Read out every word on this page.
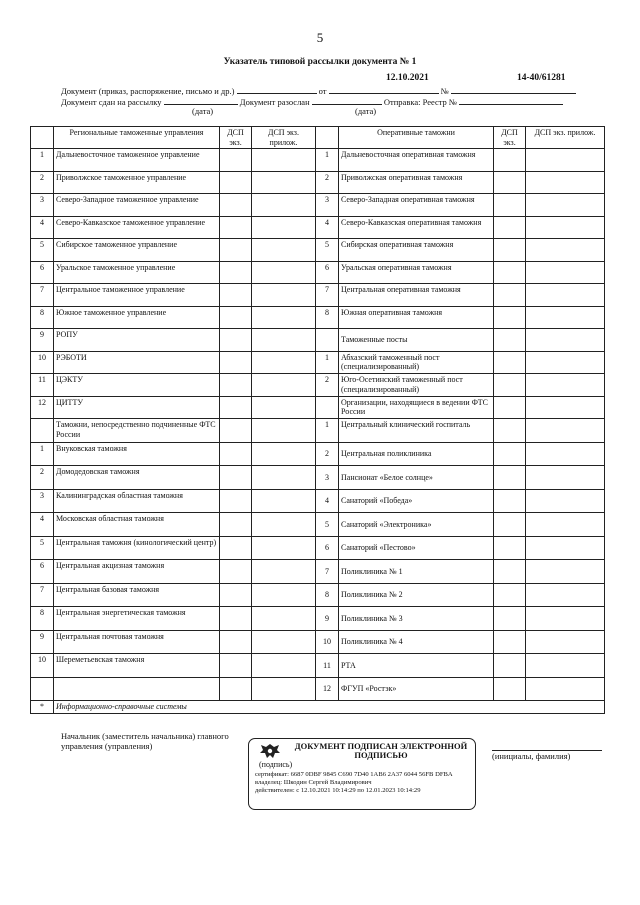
5
Указатель типовой рассылки документа № 1
12.10.2021	14-40/61281
Документ (приказ, распоряжение, письмо и др.)	от	№
Документ сдан на рассылку	Документ разослан	Отправка: Реестр №
(дата)	(дата)
	Региональные таможенные управления	ДСП экз.	ДСП экз. прилож.		Оперативные таможни	ДСП экз.	ДСП экз. прилож.
1	Дальневосточное таможенное управление			1	Дальневосточная оперативная таможня		
2	Приволжское таможенное управление			2	Приволжская оперативная таможня		
3	Северо-Западное таможенное управление			3	Северо-Западная оперативная таможня		
4	Северо-Кавказское таможенное управление			4	Северо-Кавказская оперативная таможня		
5	Сибирское таможенное управление			5	Сибирская оперативная таможня		
6	Уральское таможенное управление			6	Уральская оперативная таможня		
7	Центральное таможенное управление			7	Центральная оперативная таможня		
8	Южное таможенное управление			8	Южная оперативная таможня		
9	РОПУ				Таможенные посты		
10	РЭБОТИ			1	Абхазский таможенный пост (специализированный)		
11	ЦЭКТУ			2	Юго-Осетинский таможенный пост (специализированный)		
12	ЦИТТУ				Организации, находящиеся в ведении ФТС России		
	Таможни, непосредственно подчиненные ФТС России			1	Центральный клинический госпиталь		
1	Внуковская таможня			2	Центральная поликлиника		
2	Домодедовская таможня			3	Пансионат «Белое солнце»		
3	Калининградская областная таможня			4	Санаторий «Победа»		
4	Московская областная таможня			5	Санаторий «Электроника»		
5	Центральная таможня (кинологический центр)			6	Санаторий «Пестово»		
6	Центральная акцизная таможня			7	Поликлиника № 1		
7	Центральная базовая таможня			8	Поликлиника № 2		
8	Центральная энергетическая таможня			9	Поликлиника № 3		
9	Центральная почтовая таможня			10	Поликлиника № 4		
10	Шереметьевская таможня			11	РТА		
				12	ФГУП «Ростэк»		
*	Информационно-справочные системы						
Начальник (заместитель начальника) главного управления (управления)
(инициалы, фамилия)
ДОКУМЕНТ ПОДПИСАН ЭЛЕКТРОННОЙ ПОДПИСЬЮ
(подпись)
сертификат: 6687 0DBF 9845 C690 7D40 1AB6 2A37 6044 56FB DFBA
владелец: Шкодин Сергей Владимирович
действителен: с 12.10.2021 10:14:29 по 12.01.2023 10:14:29
